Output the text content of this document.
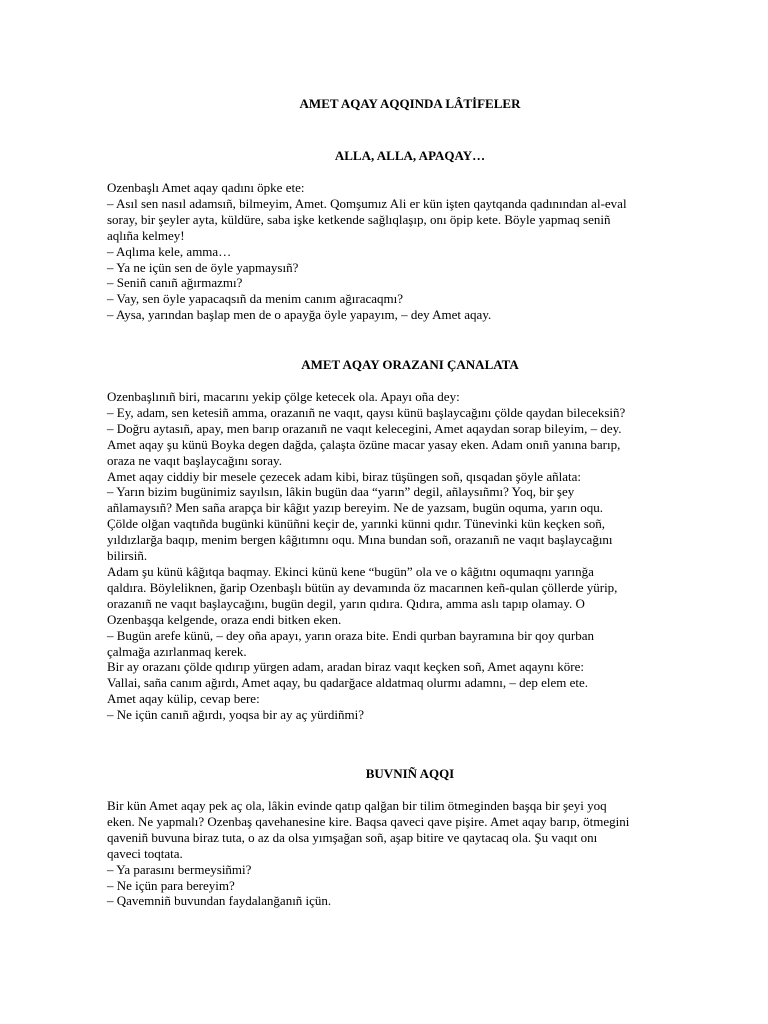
AMET AQAY AQQINDA LÂTİFELER
ALLA, ALLA, APAQAY…
Ozenbaşlı Amet aqay qadını öpke ete:
– Asıl sen nasıl adamsıñ, bilmeyim, Amet. Qomşumız Ali er kün işten qaytqanda qadınından al-eval
soray, bir şeyler ayta, küldüre, saba işke ketkende sağlıqlaşıp, onı öpip kete. Böyle yapmaq seniñ
aqlıña kelmey!
– Aqlıma kele, amma…
– Ya ne içün sen de öyle yapmaysıñ?
– Seniñ canıñ ağırmazmı?
– Vay, sen öyle yapacaqsıñ da menim canım ağıracaqmı?
– Aysa, yarından başlap men de o apayğa öyle yapayım, – dey Amet aqay.
AMET AQAY ORAZANI ÇANALATA
Ozenbaşlınıñ biri, macarını yekip çölge ketecek ola. Apayı oña dey:
– Ey, adam, sen ketesiñ amma, orazanıñ ne vaqıt, qaysı künü başlaycağını çölde qaydan bileceksiñ?
– Doğru aytasıñ, apay, men barıp orazanıñ ne vaqıt kelecegini, Amet aqaydan sorap bileyim, – dey.
Amet aqay şu künü Boyka degen dağda, çalaşta özüne macar yasay eken. Adam onıñ yanına barıp,
oraza ne vaqıt başlaycağını soray.
Amet aqay ciddiy bir mesele çezecek adam kibi, biraz tüşüngen soñ, qısqadan şöyle añlata:
– Yarın bizim bugünimiz sayılsın, lâkin bugün daa “yarın” degil, añlaysıñmı? Yoq, bir şey
añlamaysıñ? Men saña arapça bir kâğıt yazıp bereyim. Ne de yazsam, bugün oquma, yarın oqu.
Çölde olğan vaqtıñda bugünki künüñni keçir de, yarınki künni qıdır. Tünevinki kün keçken soñ,
yıldızlarğa baqıp, menim bergen kâğıtımnı oqu. Mına bundan soñ, orazanıñ ne vaqıt başlaycağını
bilirsiñ.
Adam şu künü kâğıtqa baqmay. Ekinci künü kene “bugün” ola ve o kâğıtnı oqumaqnı yarınğa
qaldıra. Böyleliknen, ğarip Ozenbaşlı bütün ay devamında öz macarınen keñ-qulan çöllerde yürip,
orazanıñ ne vaqıt başlaycağını, bugün degil, yarın qıdıra. Qıdıra, amma aslı tapıp olamay. O
Ozenbaşqa kelgende, oraza endi bitken eken.
– Bugün arefe künü, – dey oña apayı, yarın oraza bite. Endi qurban bayramına bir qoy qurban
çalmağa azırlanmaq kerek.
Bir ay orazanı çölde qıdırıp yürgen adam, aradan biraz vaqıt keçken soñ, Amet aqaynı köre:
Vallai, saña canım ağırdı, Amet aqay, bu qadarğace aldatmaq olurmı adamnı, – dep elem ete.
Amet aqay külip, cevap bere:
– Ne içün canıñ ağırdı, yoqsa bir ay aç yürdiñmi?
BUVNIÑ AQQI
Bir kün Amet aqay pek aç ola, lâkin evinde qatıp qalğan bir tilim ötmeginden başqa bir şeyi yoq
eken. Ne yapmalı? Ozenbaş qavehanesine kire. Baqsa qaveci qave pişire. Amet aqay barıp, ötmegini
qaveniñ buvuna biraz tuta, o az da olsa yımşağan soñ, aşap bitire ve qaytacaq ola. Şu vaqıt onı
qaveci toqtata.
– Ya parasını bermeysiñmi?
– Ne içün para bereyim?
– Qavemniñ buvundan faydalanğanıñ içün.
